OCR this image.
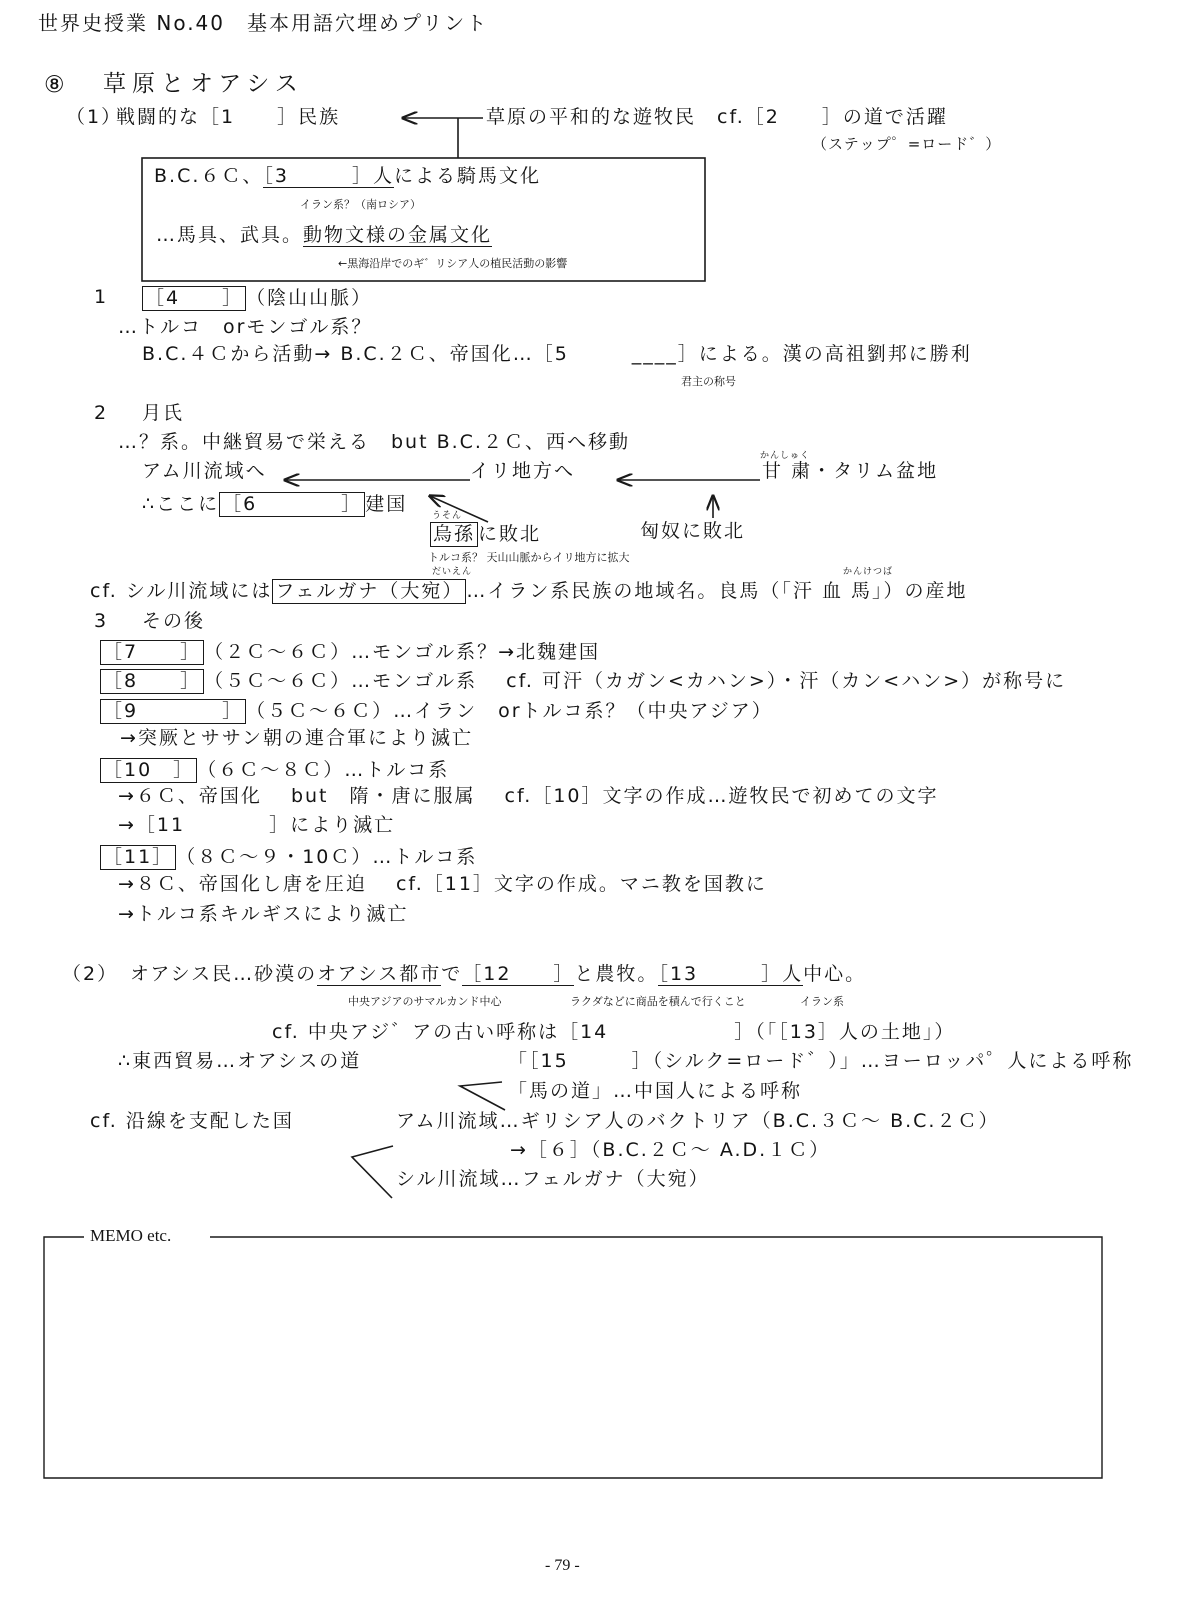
世界史授業 No.40　基本用語穴埋めプリント
⑧ 草原とオアシス
（1）
戦闘的な［1　　］民族	草原の平和的な遊牧民　cf.［2　　］の道で活躍
（ステップ゜=ロード゛）
B.C.６Ｃ、［3　　　］人による騎馬文化
イラン系？（南ロシア）
…馬具、武具。動物文様の金属文化
←黒海沿岸でのギ゛リシア人の植民活動の影響
1 ［4　　］ （陰山山脈）
…トルコ　orモンゴル系？
B.C.４Ｃから活動→ B.C.２Ｃ、帝国化…［5　　　____］による。漢の高祖劉邦に勝利
君主の称号
2 月氏
…？系。中継貿易で栄える　but B.C.２Ｃ、西へ移動
アム川流域へ	イリ地方へ
かんしゅく
甘 粛・タリム盆地
∴ここに ［6　　　　］ 建国
うそん
烏孫 に敗北	匈奴に敗北
トルコ系？ 天山山脈からイリ地方に拡大
だいえん	かんけつば
cf. シル川流域には フェルガナ（大宛） …イラン系民族の地域名。良馬（「汗 血 馬」）の産地
3 その後
［7　　］ （２Ｃ～６Ｃ）…モンゴル系？→北魏建国
［8　　］ （５Ｃ～６Ｃ）…モンゴル系　 cf. 可汗（カガン<カハン>）・汗（カン<ハン>）が称号に
［9　　　　］ （５Ｃ～６Ｃ）…イラン　orトルコ系？（中央アジア）
→突厥とササン朝の連合軍により滅亡
［10　］ （６Ｃ～８Ｃ）…トルコ系
→６Ｃ、帝国化　 but　隋・唐に服属　 cf.［10］文字の作成…遊牧民で初めての文字
→［11　　　　］により滅亡
［11］ （８Ｃ～９・10Ｃ）…トルコ系
→８Ｃ、帝国化し唐を圧迫　 cf.［11］文字の作成。マニ教を国教に
→トルコ系キルギスにより滅亡
（2） オアシス民…砂漠のオアシス都市で［12　　］と農牧。［13　　　］人中心。
中央アジアのサマルカンド中心	ラクダなどに商品を積んで行くこと	イラン系
cf. 中央アジ゛アの古い呼称は［14　　　　　　］（「［13］人の土地」）
∴東西貿易…オアシスの道	「［15　　　］（シルク=ロード゛）」…ヨーロッパ゜人による呼称
「馬の道」…中国人による呼称
cf. 沿線を支配した国	アム川流域…ギリシア人のバクトリア（B.C.３Ｃ～ B.C.２Ｃ）
→［６］（B.C.２Ｃ～ A.D.１Ｃ）
シル川流域…フェルガナ（大宛）
MEMO etc.
- 79 -
